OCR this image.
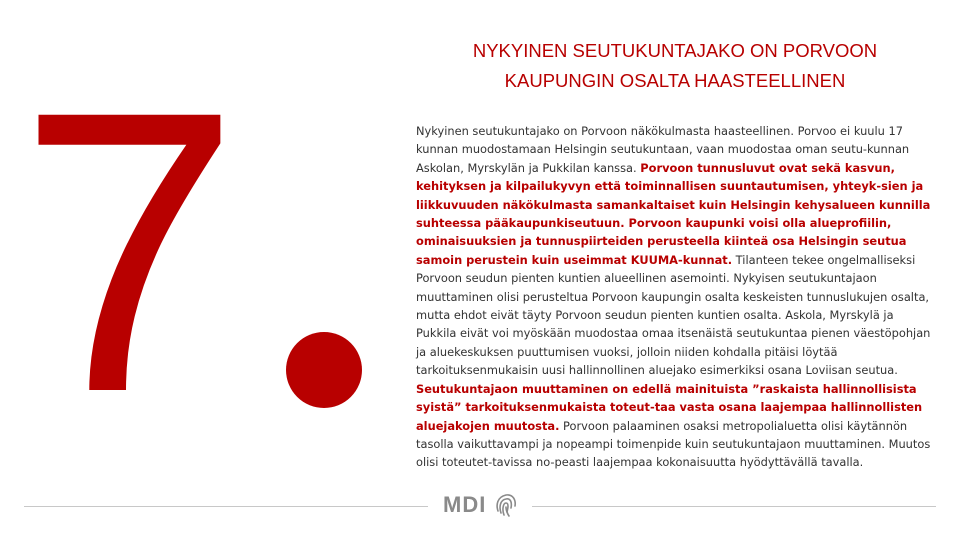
7	NYKYINEN SEUTUKUNTAJAKO ON PORVOON
KAUPUNGIN OSALTA HAASTEELLINEN

Nykyinen seutukuntajako on Porvoon näkökulmasta haasteellinen. Porvoo ei kuulu 17 kunnan muodostamaan Helsingin seutukuntaan, vaan muodostaa oman seutu-kunnan Askolan, Myrskylän ja Pukkilan kanssa. Porvoon tunnusluvut ovat sekä kasvun, kehityksen ja kilpailukyvyn että toiminnallisen suuntautumisen, yhteyk-sien ja liikkuvuuden näkökulmasta samankaltaiset kuin Helsingin kehysalueen kunnilla suhteessa pääkaupunkiseutuun. Porvoon kaupunki voisi olla alueprofiilin, ominaisuuksien ja tunnuspiirteiden perusteella kiinteä osa Helsingin seutua samoin perustein kuin useimmat KUUMA-kunnat. Tilanteen tekee ongelmalliseksi Porvoon seudun pienten kuntien alueellinen asemointi. Nykyisen seutukuntajaon muuttaminen olisi perusteltua Porvoon kaupungin osalta keskeisten tunnuslukujen osalta, mutta ehdot eivät täyty Porvoon seudun pienten kuntien osalta. Askola, Myrskylä ja Pukkila eivät voi myöskään muodostaa omaa itsenäistä seutukuntaa pienen väestöpohjan ja aluekeskuksen puuttumisen vuoksi, jolloin niiden kohdalla pitäisi löytää tarkoituksenmukaisin uusi hallinnollinen aluejako esimerkiksi osana Loviisan seutua. Seutukuntajaon muuttaminen on edellä mainituista ”raskaista hallinnollisista syistä” tarkoituksenmukaista toteut-taa vasta osana laajempaa hallinnollisten aluejakojen muutosta. Porvoon palaaminen osaksi metropolialuetta olisi käytännön tasolla vaikuttavampi ja nopeampi toimenpide kuin seutukuntajaon muuttaminen. Muutos olisi toteutet-tavissa no-peasti laajempaa kokonaisuutta hyödyttävällä tavalla.

MDI
